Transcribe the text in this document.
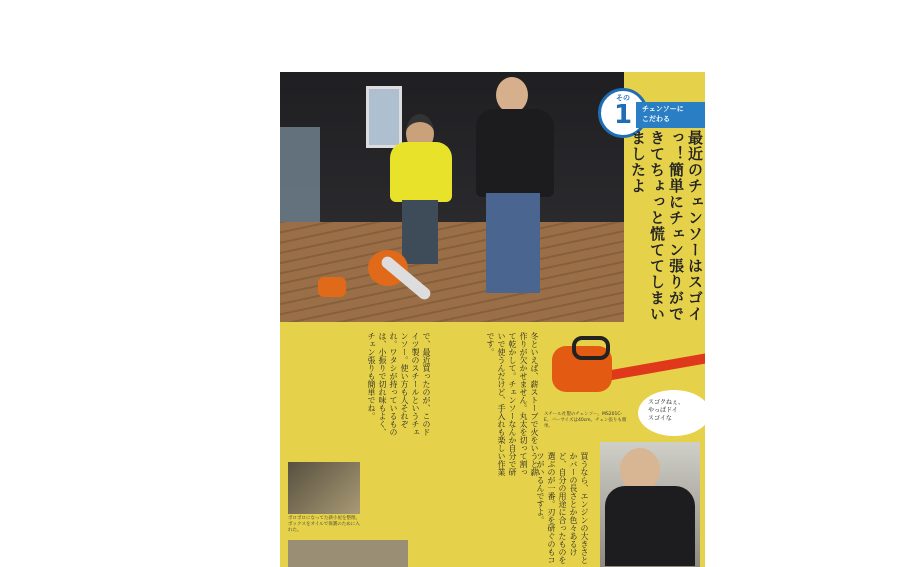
その
1	チェンソーに
こだわる
最近のチェンソーはスゴイっ！簡単にチェン張りができてちょっと慌ててしまいましたよ
で、最近買ったのが、このドイツ製のスチールというチェンソー。使い方も人それぞれ。ワタシが持っているものは、小振りで切れ味もよく、チェン張りも簡単でね。	冬といえば、薪ストーブで火をいうと薪作りが欠かせません。丸太を切って割って乾かして。チェンソーなんか自分で研いで使うんだけど、手入れも楽しい作業です。
スチール社製のチェンソー。MS201C-E。バーサイズは40cm。チェン張りも簡単。
スゴクねぇ、
やっぱドイ
スゴイな
買うなら、エンジンの大きさとかバーの長さとか色々あるけど、自分の用途に合ったものを選ぶのが一番。刃を研ぐのもコツがいるんですよ。
ボロボロになってた薪小屋を整理。ボックスをオイルで保護のために入れた。
